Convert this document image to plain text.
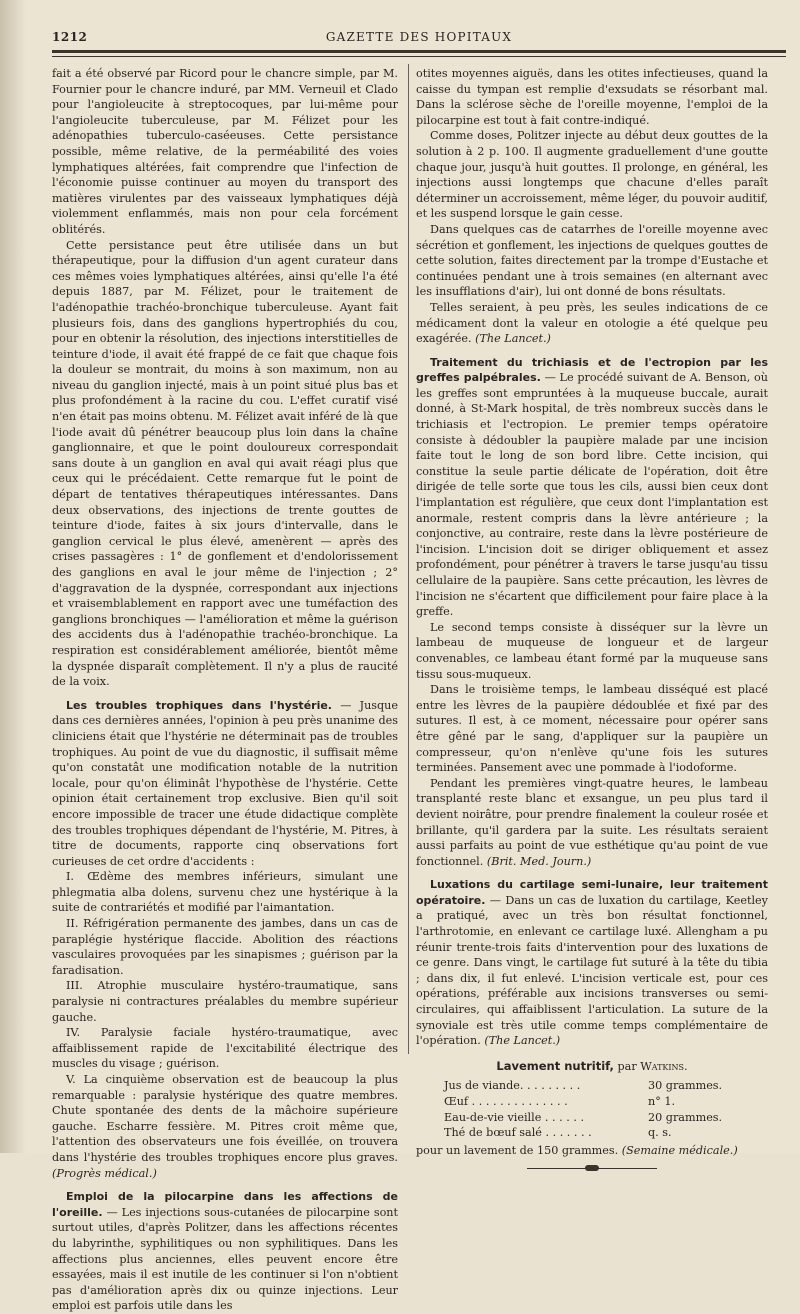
1212	GAZETTE DES HOPITAUX

fait a été observé par Ricord pour le chancre simple, par M. Fournier pour le chancre induré, par MM. Verneuil et Clado pour l'angioleucite à streptocoques, par lui-même pour l'angioleucite tuberculeuse, par M. Félizet pour les adénopathies tuberculo-caséeuses. Cette persistance possible, même relative, de la perméabilité des voies lymphatiques altérées, fait comprendre que l'infection de l'économie puisse continuer au moyen du transport des matières virulentes par des vaisseaux lymphatiques déjà violemment enflammés, mais non pour cela forcément oblitérés.

Cette persistance peut être utilisée dans un but thérapeutique, pour la diffusion d'un agent curateur dans ces mêmes voies lymphatiques altérées, ainsi qu'elle l'a été depuis 1887, par M. Félizet, pour le traitement de l'adénopathie trachéo-bronchique tuberculeuse. Ayant fait plusieurs fois, dans des ganglions hypertrophiés du cou, pour en obtenir la résolution, des injections interstitielles de teinture d'iode, il avait été frappé de ce fait que chaque fois la douleur se montrait, du moins à son maximum, non au niveau du ganglion injecté, mais à un point situé plus bas et plus profondément à la racine du cou. L'effet curatif visé n'en était pas moins obtenu. M. Félizet avait inféré de là que l'iode avait dû pénétrer beaucoup plus loin dans la chaîne ganglionnaire, et que le point douloureux correspondait sans doute à un ganglion en aval qui avait réagi plus que ceux qui le précédaient. Cette remarque fut le point de départ de tentatives thérapeutiques intéressantes. Dans deux observations, des injections de trente gouttes de teinture d'iode, faites à six jours d'intervalle, dans le ganglion cervical le plus élevé, amenèrent — après des crises passagères : 1° de gonflement et d'endolorissement des ganglions en aval le jour même de l'injection ; 2° d'aggravation de la dyspnée, correspondant aux injections et vraisemblablement en rapport avec une tuméfaction des ganglions bronchiques — l'amélioration et même la guérison des accidents dus à l'adénopathie trachéo-bronchique. La respiration est considérablement améliorée, bientôt même la dyspnée disparaît complètement. Il n'y a plus de raucité de la voix.

Les troubles trophiques dans l'hystérie. — Jusque dans ces dernières années, l'opinion à peu près unanime des cliniciens était que l'hystérie ne déterminait pas de troubles trophiques. Au point de vue du diagnostic, il suffisait même qu'on constatât une modification notable de la nutrition locale, pour qu'on éliminât l'hypothèse de l'hystérie. Cette opinion était certainement trop exclusive. Bien qu'il soit encore impossible de tracer une étude didactique complète des troubles trophiques dépendant de l'hystérie, M. Pitres, à titre de documents, rapporte cinq observations fort curieuses de cet ordre d'accidents :

I. Œdème des membres inférieurs, simulant une phlegmatia alba dolens, survenu chez une hystérique à la suite de contrariétés et modifié par l'aimantation.

II. Réfrigération permanente des jambes, dans un cas de paraplégie hystérique flaccide. Abolition des réactions vasculaires provoquées par les sinapismes ; guérison par la faradisation.

III. Atrophie musculaire hystéro-traumatique, sans paralysie ni contractures préalables du membre supérieur gauche.

IV. Paralysie faciale hystéro-traumatique, avec affaiblissement rapide de l'excitabilité électrique des muscles du visage ; guérison.

V. La cinquième observation est de beaucoup la plus remarquable : paralysie hystérique des quatre membres. Chute spontanée des dents de la mâchoire supérieure gauche. Escharre fessière. M. Pitres croit même que, l'attention des observateurs une fois éveillée, on trouvera dans l'hystérie des troubles trophiques encore plus graves. (Progrès médical.)

Emploi de la pilocarpine dans les affections de l'oreille. — Les injections sous-cutanées de pilocarpine sont surtout utiles, d'après Politzer, dans les affections récentes du labyrinthe, syphilitiques ou non syphilitiques. Dans les affections plus anciennes, elles peuvent encore être essayées, mais il est inutile de les continuer si l'on n'obtient pas d'amélioration après dix ou quinze injections. Leur emploi est parfois utile dans les

otites moyennes aiguës, dans les otites infectieuses, quand la caisse du tympan est remplie d'exsudats se résorbant mal. Dans la sclérose sèche de l'oreille moyenne, l'emploi de la pilocarpine est tout à fait contre-indiqué.

Comme doses, Politzer injecte au début deux gouttes de la solution à 2 p. 100. Il augmente graduellement d'une goutte chaque jour, jusqu'à huit gouttes. Il prolonge, en général, les injections aussi longtemps que chacune d'elles paraît déterminer un accroissement, même léger, du pouvoir auditif, et les suspend lorsque le gain cesse.

Dans quelques cas de catarrhes de l'oreille moyenne avec sécrétion et gonflement, les injections de quelques gouttes de cette solution, faites directement par la trompe d'Eustache et continuées pendant une à trois semaines (en alternant avec les insufflations d'air), lui ont donné de bons résultats.

Telles seraient, à peu près, les seules indications de ce médicament dont la valeur en otologie a été quelque peu exagérée. (The Lancet.)

Traitement du trichiasis et de l'ectropion par les greffes palpébrales. — Le procédé suivant de A. Benson, où les greffes sont empruntées à la muqueuse buccale, aurait donné, à St-Mark hospital, de très nombreux succès dans le trichiasis et l'ectropion. Le premier temps opératoire consiste à dédoubler la paupière malade par une incision faite tout le long de son bord libre. Cette incision, qui constitue la seule partie délicate de l'opération, doit être dirigée de telle sorte que tous les cils, aussi bien ceux dont l'implantation est régulière, que ceux dont l'implantation est anormale, restent compris dans la lèvre antérieure ; la conjonctive, au contraire, reste dans la lèvre postérieure de l'incision. L'incision doit se diriger obliquement et assez profondément, pour pénétrer à travers le tarse jusqu'au tissu cellulaire de la paupière. Sans cette précaution, les lèvres de l'incision ne s'écartent que difficilement pour faire place à la greffe.

Le second temps consiste à disséquer sur la lèvre un lambeau de muqueuse de longueur et de largeur convenables, ce lambeau étant formé par la muqueuse sans tissu sous-muqueux.

Dans le troisième temps, le lambeau disséqué est placé entre les lèvres de la paupière dédoublée et fixé par des sutures. Il est, à ce moment, nécessaire pour opérer sans être gêné par le sang, d'appliquer sur la paupière un compresseur, qu'on n'enlève qu'une fois les sutures terminées. Pansement avec une pommade à l'iodoforme.

Pendant les premières vingt-quatre heures, le lambeau transplanté reste blanc et exsangue, un peu plus tard il devient noirâtre, pour prendre finalement la couleur rosée et brillante, qu'il gardera par la suite. Les résultats seraient aussi parfaits au point de vue esthétique qu'au point de vue fonctionnel. (Brit. Med. Journ.)

Luxations du cartilage semi-lunaire, leur traitement opératoire. — Dans un cas de luxation du cartilage, Keetley a pratiqué, avec un très bon résultat fonctionnel, l'arthrotomie, en enlevant ce cartilage luxé. Allengham a pu réunir trente-trois faits d'intervention pour des luxations de ce genre. Dans vingt, le cartilage fut suturé à la tête du tibia ; dans dix, il fut enlevé. L'incision verticale est, pour ces opérations, préférable aux incisions transverses ou semi-circulaires, qui affaiblissent l'articulation. La suture de la synoviale est très utile comme temps complémentaire de l'opération. (The Lancet.)

Lavement nutritif, par Watkins.
Jus de viande. . . . . . . . .	30 grammes.
Œuf . . . . . . . . . . . . . .	n° 1.
Eau-de-vie vieille . . . . . .	20 grammes.
Thé de bœuf salé . . . . . . .	q. s.

pour un lavement de 150 grammes. (Semaine médicale.)
